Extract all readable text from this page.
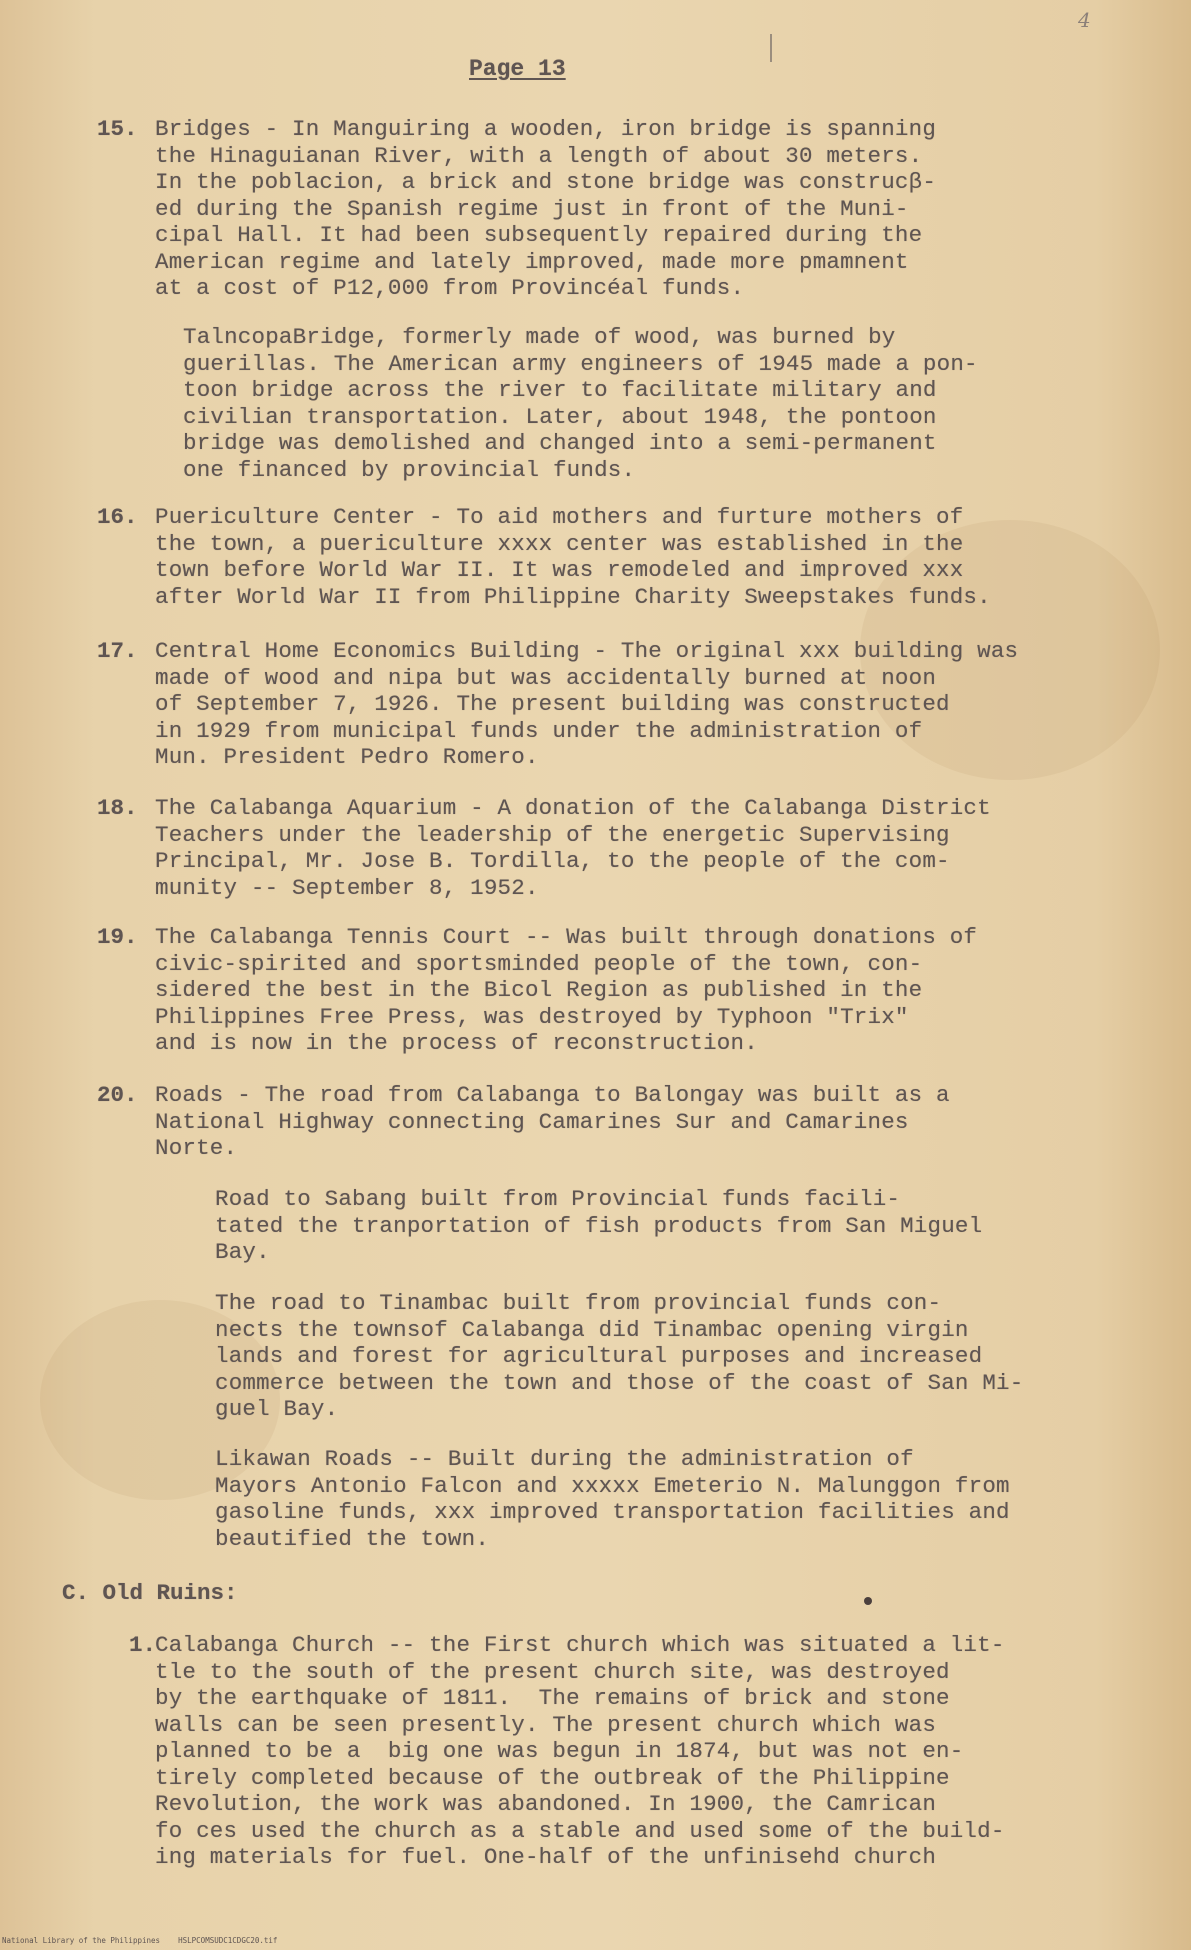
4
Page 13
15. Bridges - In Manguiring a wooden, iron bridge is spanning
the Hinaguianan River, with a length of about 30 meters.
In the poblacion, a brick and stone bridge was construcβ-
ed during the Spanish regime just in front of the Muni-
cipal Hall. It had been subsequently repaired during the
American regime and lately improved, made more pmamnent
at a cost of P12,000 from Provincéal funds.
TalncopaBridge, formerly made of wood, was burned by
guerillas. The American army engineers of 1945 made a pon-
toon bridge across the river to facilitate military and
civilian transportation. Later, about 1948, the pontoon
bridge was demolished and changed into a semi-permanent
one financed by provincial funds.
16. Puericulture Center - To aid mothers and furture mothers of
the town, a puericulture xxxx center was established in the
town before World War II. It was remodeled and improved xxx
after World War II from Philippine Charity Sweepstakes funds.
17. Central Home Economics Building - The original xxx building was
made of wood and nipa but was accidentally burned at noon
of September 7, 1926. The present building was constructed
in 1929 from municipal funds under the administration of
Mun. President Pedro Romero.
18. The Calabanga Aquarium - A donation of the Calabanga District
Teachers under the leadership of the energetic Supervising
Principal, Mr. Jose B. Tordilla, to the people of the com-
munity -- September 8, 1952.
19. The Calabanga Tennis Court -- Was built through donations of
civic-spirited and sportsminded people of the town, con-
sidered the best in the Bicol Region as published in the
Philippines Free Press, was destroyed by Typhoon "Trix"
and is now in the process of reconstruction.
20. Roads - The road from Calabanga to Balongay was built as a
National Highway connecting Camarines Sur and Camarines
Norte.
Road to Sabang built from Provincial funds facili-
tated the tranportation of fish products from San Miguel
Bay.
The road to Tinambac built from provincial funds con-
nects the townsof Calabanga did Tinambac opening virgin
lands and forest for agricultural purposes and increased
commerce between the town and those of the coast of San Mi-
guel Bay.
Likawan Roads -- Built during the administration of
Mayors Antonio Falcon and xxxxx Emeterio N. Malunggon from
gasoline funds, xxx improved transportation facilities and
beautified the town.
C. Old Ruins:
1.
Calabanga Church -- the First church which was situated a lit-
tle to the south of the present church site, was destroyed
by the earthquake of 1811.  The remains of brick and stone
walls can be seen presently. The present church which was
planned to be a  big one was begun in 1874, but was not en-
tirely completed because of the outbreak of the Philippine
Revolution, the work was abandoned. In 1900, the Camrican
fo ces used the church as a stable and used some of the build-
ing materials for fuel. One-half of the unfinisehd church
National Library of the Philippines    HSLPCOMSUDC1CDGC20.tif
